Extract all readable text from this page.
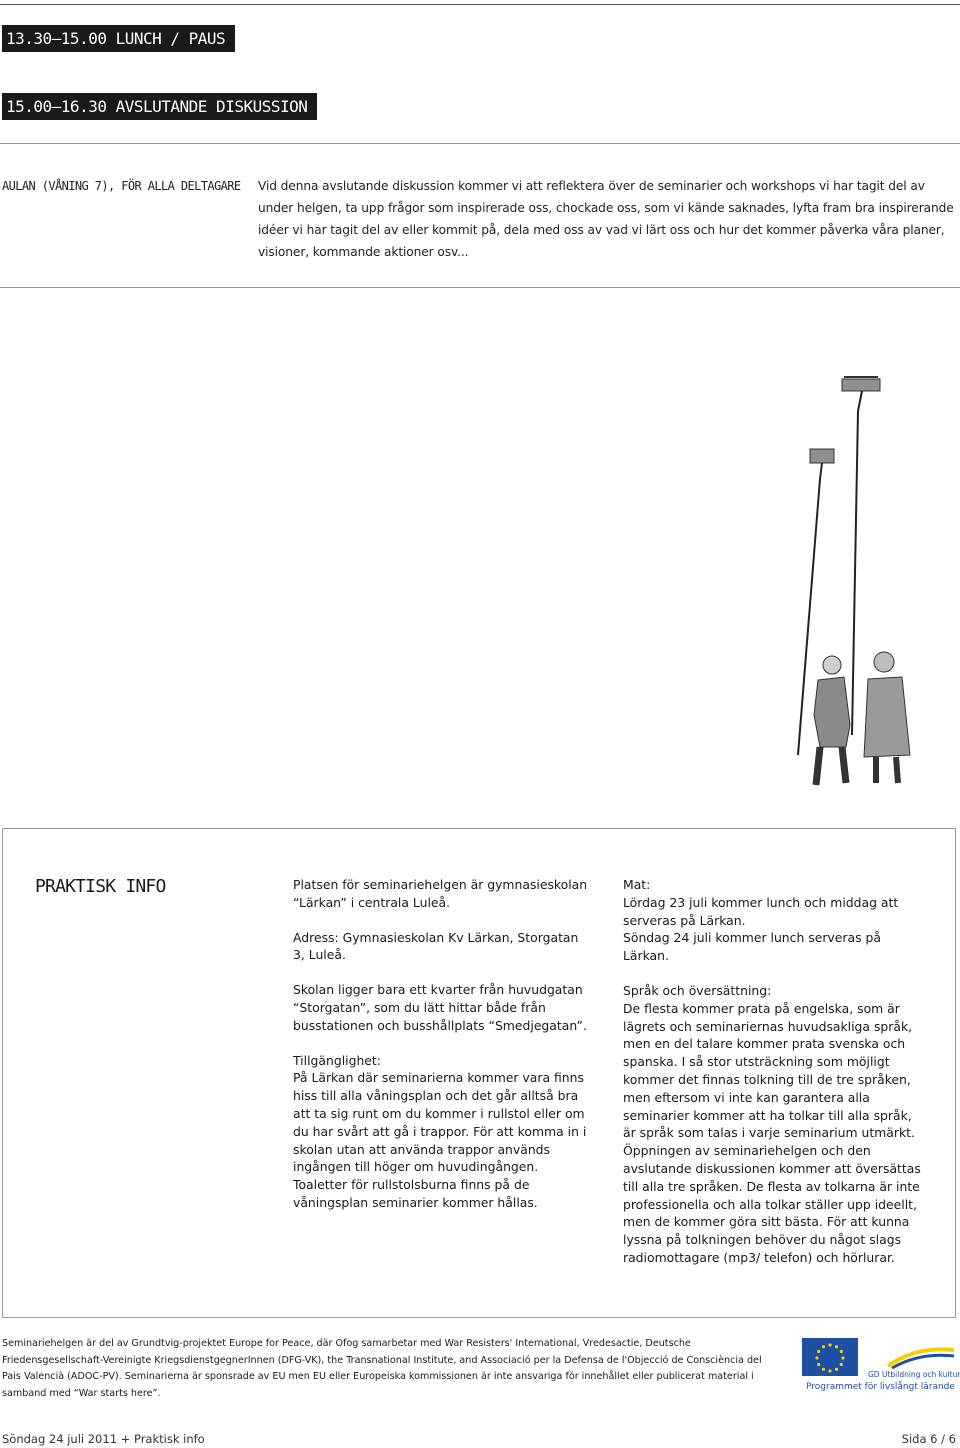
13.30–15.00 LUNCH / PAUS
15.00–16.30 AVSLUTANDE DISKUSSION
AULAN (VÅNING 7), FÖR ALLA DELTAGARE Vid denna avslutande diskussion kommer vi att reflektera över de seminarier och workshops vi har tagit del av under helgen, ta upp frågor som inspirerade oss, chockade oss, som vi kände saknades, lyfta fram bra inspirerande idéer vi har tagit del av eller kommit på, dela med oss av vad vi lärt oss och hur det kommer påverka våra planer, visioner, kommande aktioner osv...
PRAKTISK INFO	Platsen för seminariehelgen är gymnasieskolan “Lärkan” i centrala Luleå.

Adress: Gymnasieskolan Kv Lärkan, Storgatan 3, Luleå.

Skolan ligger bara ett kvarter från huvudgatan “Storgatan”, som du lätt hittar både från busstationen och busshållplats “Smedjegatan”.

Tillgänglighet:
På Lärkan där seminarierna kommer vara finns hiss till alla våningsplan och det går alltså bra att ta sig runt om du kommer i rullstol eller om du har svårt att gå i trappor. För att komma in i skolan utan att använda trappor används ingången till höger om huvudingången. Toaletter för rullstolsburna finns på de våningsplan seminarier kommer hållas.

Mat:
Lördag 23 juli kommer lunch och middag att serveras på Lärkan.
Söndag 24 juli kommer lunch serveras på Lärkan.

Språk och översättning:
De flesta kommer prata på engelska, som är lägrets och seminariernas huvudsakliga språk, men en del talare kommer prata svenska och spanska. I så stor utsträckning som möjligt kommer det finnas tolkning till de tre språken, men eftersom vi inte kan garantera alla seminarier kommer att ha tolkar till alla språk, är språk som talas i varje seminarium utmärkt. Öppningen av seminariehelgen och den avslutande diskussionen kommer att översättas till alla tre språken. De flesta av tolkarna är inte professionella och alla tolkar ställer upp ideellt, men de kommer göra sitt bästa. För att kunna lyssna på tolkningen behöver du något slags radiomottagare (mp3/ telefon) och hörlurar.

Seminariehelgen är del av Grundtvig-projektet Europe for Peace, där Ofog samarbetar med War Resisters' International, Vredesactie, Deutsche Friedensgesellschaft-Vereinigte KriegsdienstgegnerInnen (DFG-VK), the Transnational Institute, and Associació per la Defensa de l'Objecció de Consciència del Pais Valencià (ADOC-PV). Seminarierna är sponsrade av EU men EU eller Europeiska kommissionen är inte ansvariga för innehållet eller publicerat material i samband med “War starts here”.
GD Utbildning och kultur
Programmet för livslångt lärande
Söndag 24 juli 2011 + Praktisk info	Sida 6 / 6
